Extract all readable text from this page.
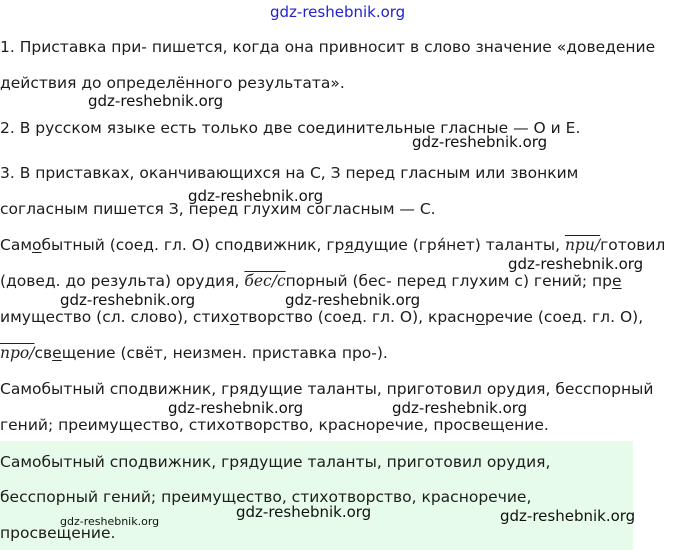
gdz-reshebnik.org
1. Приставка при- пишется, когда она привносит в слово значение «доведение
действия до определённого результата».
gdz-reshebnik.org
2. В русском языке есть только две соединительные гласные — О и Е.
gdz-reshebnik.org
3. В приставках, оканчивающихся на С, З перед гласным или звонким
gdz-reshebnik.org
согласным пишется З, перед глухим согласным — С.
Самобытный (соед. гл. О) сподвижник, грядущие (гря́нет) таланты, при/готовил
gdz-reshebnik.org
(довед. до результа) орудия, бес/спорный (бес- перед глухим с) гений; пре
gdz-reshebnik.org	gdz-reshebnik.org
имущество (сл. слово), стихотворство (соед. гл. О), красноречие (соед. гл. О),
про/свещение (свёт, неизмен. приставка про-).
Самобытный сподвижник, грядущие таланты, приготовил орудия, бесспорный
gdz-reshebnik.org	gdz-reshebnik.org
гений; преимущество, стихотворство, красноречие, просвещение.
Самобытный сподвижник, грядущие таланты, приготовил орудия,
бесспорный гений; преимущество, стихотворство, красноречие,
gdz-reshebnik.org	gdz-reshebnik.org
gdz-reshebnik.org
просвещение.
